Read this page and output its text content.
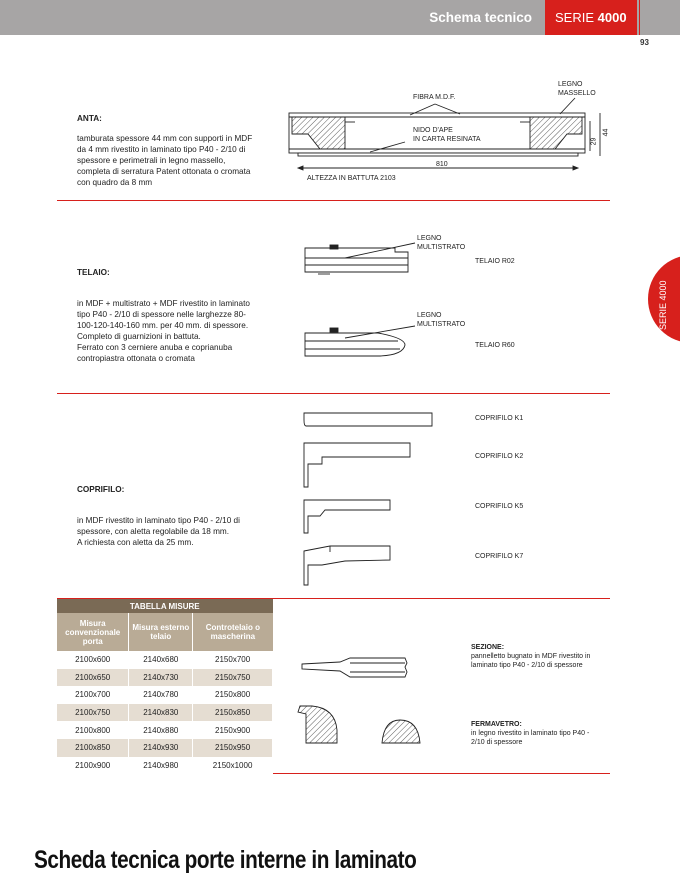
Schema tecnico	SERIE 4000
93
SERIE 4000
ANTA:
tamburata spessore 44 mm con supporti in MDF da 4 mm rivestito in laminato tipo P40 - 2/10 di spessore e perimetrali in legno massello, completa di serratura Patent ottonata o cromata con quadro da 8 mm

TELAIO:

in MDF + multistrato + MDF rivestito in laminato tipo P40 - 2/10 di spessore nelle larghezze 80-100-120-140-160 mm. per 40 mm. di spessore.
Completo di guarnizioni in battuta.
Ferrato con 3 cerniere anuba e coprianuba contropiastra ottonata o cromata

COPRIFILO:

in MDF rivestito in laminato tipo P40 - 2/10 di spessore, con aletta regolabile da 18 mm.
A richiesta con aletta da 25 mm.

FIBRA M.D.F.
LEGNO
MASSELLO
NIDO D'APE
IN CARTA RESINATA
810
44
29
ALTEZZA IN BATTUTA 2103
LEGNO
MULTISTRATO
TELAIO R02
LEGNO
MULTISTRATO
TELAIO R60
COPRIFILO K1
COPRIFILO K2
COPRIFILO K5
COPRIFILO K7
TABELLA MISURE		
Misura convenzionale porta	Misura esterno telaio	Controtelaio o mascherina
2100x600	2140x680	2150x700
2100x650	2140x730	2150x750
2100x700	2140x780	2150x800
2100x750	2140x830	2150x850
2100x800	2140x880	2150x900
2100x850	2140x930	2150x950
2100x900	2140x980	2150x1000
SEZIONE:
pannelletto bugnato in MDF rivestito in laminato tipo P40 - 2/10 di spessore
FERMAVETRO:
in legno rivestito in laminato tipo P40 - 2/10 di spessore
Scheda tecnica porte interne in laminato
